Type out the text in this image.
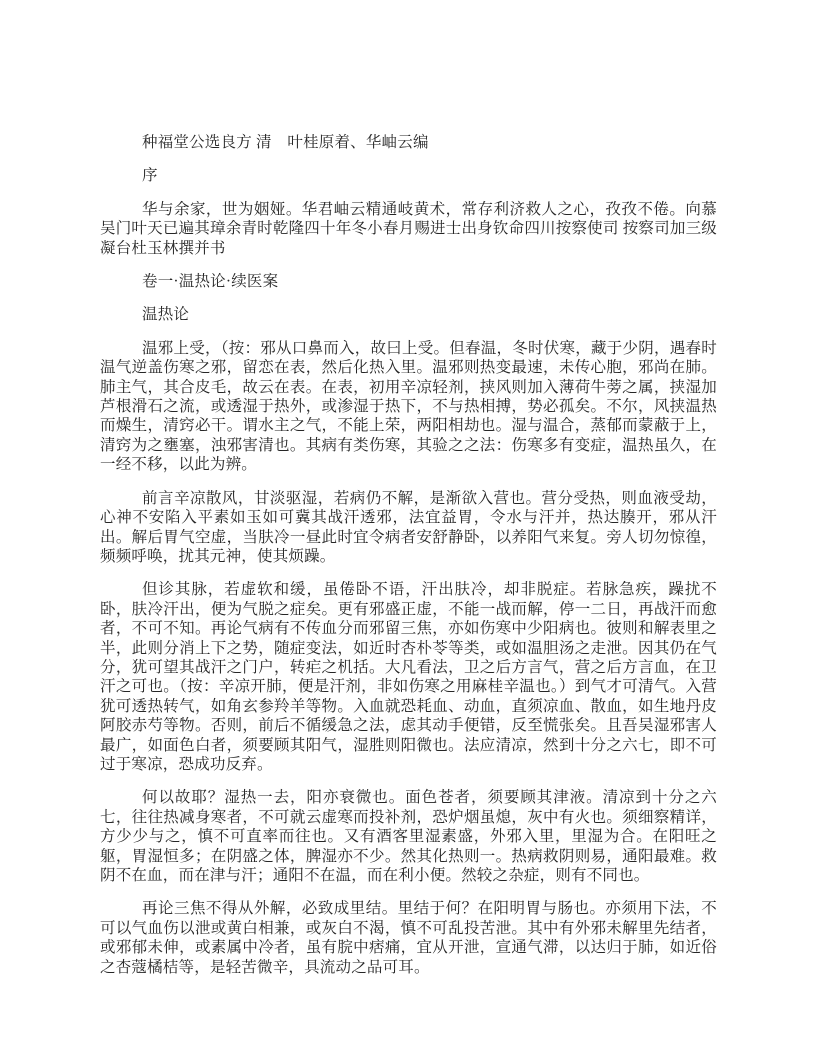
种福堂公选良方 清　叶桂原着、华岫云编

序

华与余家，世为姻娅。华君岫云精通岐黄术，常存利济救人之心，孜孜不倦。向慕吴门叶天已遍其璋余青时乾隆四十年冬小春月赐进士出身钦命四川按察使司 按察司加三级凝台杜玉林撰并书

卷一·温热论·续医案

温热论

温邪上受，（按：邪从口鼻而入，故曰上受。但春温，冬时伏寒，藏于少阴，遇春时温气逆盖伤寒之邪，留恋在表，然后化热入里。温邪则热变最速，未传心胞，邪尚在肺。肺主气，其合皮毛，故云在表。在表，初用辛凉轻剂，挟风则加入薄荷牛蒡之属，挟湿加芦根滑石之流，或透湿于热外，或渗湿于热下，不与热相搏，势必孤矣。不尔，风挟温热而燥生，清窍必干。谓水主之气，不能上荣，两阳相劫也。湿与温合，蒸郁而蒙蔽于上，清窍为之壅塞，浊邪害清也。其病有类伤寒，其验之之法：伤寒多有变症，温热虽久，在一经不移，以此为辨。

前言辛凉散风，甘淡驱湿，若病仍不解，是渐欲入营也。营分受热，则血液受劫，心神不安陷入平素如玉如可冀其战汗透邪，法宜益胃，令水与汗并，热达腠开，邪从汗出。解后胃气空虚，当肤冷一昼此时宜令病者安舒静卧，以养阳气来复。旁人切勿惊徨，频频呼唤，扰其元神，使其烦躁。

但诊其脉，若虚软和缓，虽倦卧不语，汗出肤冷，却非脱症。若脉急疾，躁扰不卧，肤冷汗出，便为气脱之症矣。更有邪盛正虚，不能一战而解，停一二日，再战汗而愈者，不可不知。再论气病有不传血分而邪留三焦，亦如伤寒中少阳病也。彼则和解表里之半，此则分消上下之势，随症变法，如近时杏朴苓等类，或如温胆汤之走泄。因其仍在气分，犹可望其战汗之门户，转疟之机括。大凡看法，卫之后方言气，营之后方言血，在卫汗之可也。（按：辛凉开肺，便是汗剂，非如伤寒之用麻桂辛温也。）到气才可清气。入营犹可透热转气，如角玄参羚羊等物。入血就恐耗血、动血，直须凉血、散血，如生地丹皮阿胶赤芍等物。否则，前后不循缓急之法，虑其动手便错，反至慌张矣。且吾吴湿邪害人最广，如面色白者，须要顾其阳气，湿胜则阳微也。法应清凉，然到十分之六七，即不可过于寒凉，恐成功反弃。

何以故耶？湿热一去，阳亦衰微也。面色苍者，须要顾其津液。清凉到十分之六七，往往热减身寒者，不可就云虚寒而投补剂，恐炉烟虽熄，灰中有火也。须细察精详，方少少与之，慎不可直率而往也。又有酒客里湿素盛，外邪入里，里湿为合。在阳旺之躯，胃湿恒多；在阴盛之体，脾湿亦不少。然其化热则一。热病救阴则易，通阳最难。救阴不在血，而在津与汗；通阳不在温，而在利小便。然较之杂症，则有不同也。

再论三焦不得从外解，必致成里结。里结于何？在阳明胃与肠也。亦须用下法，不可以气血伤以泄或黄白相兼，或灰白不渴，慎不可乱投苦泄。其中有外邪未解里先结者，或邪郁未伸，或素属中冷者，虽有脘中痞痛，宜从开泄，宣通气滞，以达归于肺，如近俗之杏蔻橘桔等，是轻苦微辛，具流动之品可耳。
